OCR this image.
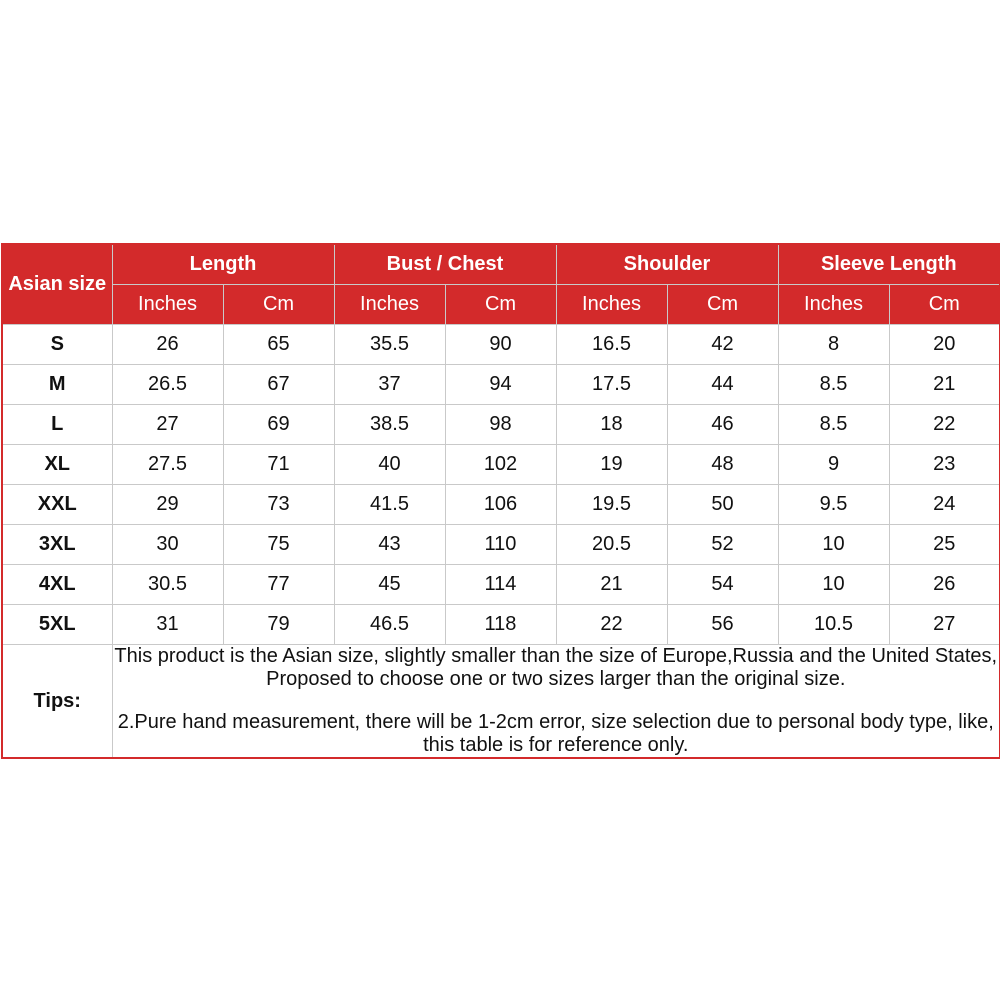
Asian size	Length		Bust / Chest		Shoulder		Sleeve Length	
	Inches	Cm	Inches	Cm	Inches	Cm	Inches	Cm
S	26	65	35.5	90	16.5	42	8	20
M	26.5	67	37	94	17.5	44	8.5	21
L	27	69	38.5	98	18	46	8.5	22
XL	27.5	71	40	102	19	48	9	23
XXL	29	73	41.5	106	19.5	50	9.5	24
3XL	30	75	43	110	20.5	52	10	25
4XL	30.5	77	45	114	21	54	10	26
5XL	31	79	46.5	118	22	56	10.5	27
Tips:	This product is the Asian size, slightly smaller than the size of Europe,Russia and the United States, Proposed to choose one or two sizes larger than the original size.

2.Pure hand measurement, there will be 1-2cm error, size selection due to personal body type, like, this table is for reference only.							
